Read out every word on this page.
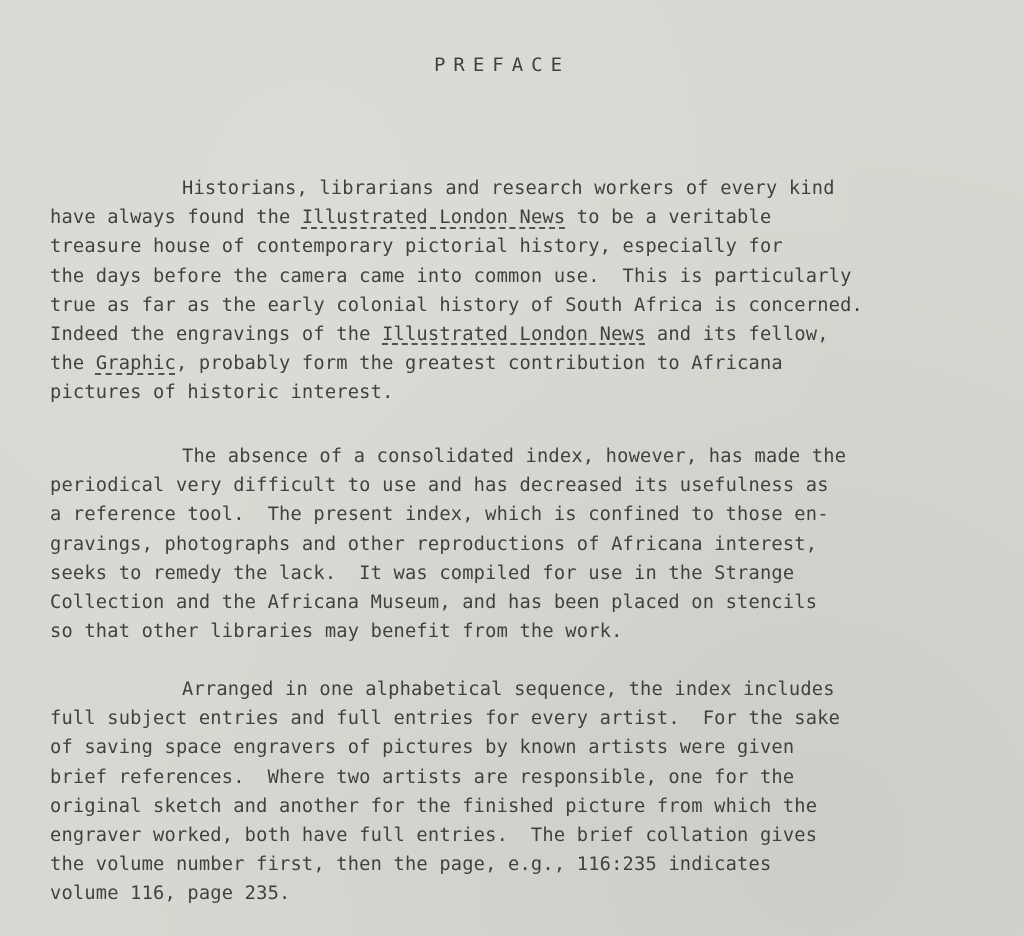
PREFACE
Historians, librarians and research workers of every kind
have always found the Illustrated London News to be a veritable
treasure house of contemporary pictorial history, especially for
the days before the camera came into common use.  This is particularly
true as far as the early colonial history of South Africa is concerned.
Indeed the engravings of the Illustrated London News and its fellow,
the Graphic, probably form the greatest contribution to Africana
pictures of historic interest.
The absence of a consolidated index, however, has made the
periodical very difficult to use and has decreased its usefulness as
a reference tool.  The present index, which is confined to those en-
gravings, photographs and other reproductions of Africana interest,
seeks to remedy the lack.  It was compiled for use in the Strange
Collection and the Africana Museum, and has been placed on stencils
so that other libraries may benefit from the work.
Arranged in one alphabetical sequence, the index includes
full subject entries and full entries for every artist.  For the sake
of saving space engravers of pictures by known artists were given
brief references.  Where two artists are responsible, one for the
original sketch and another for the finished picture from which the
engraver worked, both have full entries.  The brief collation gives
the volume number first, then the page, e.g., 116:235 indicates
volume 116, page 235.
